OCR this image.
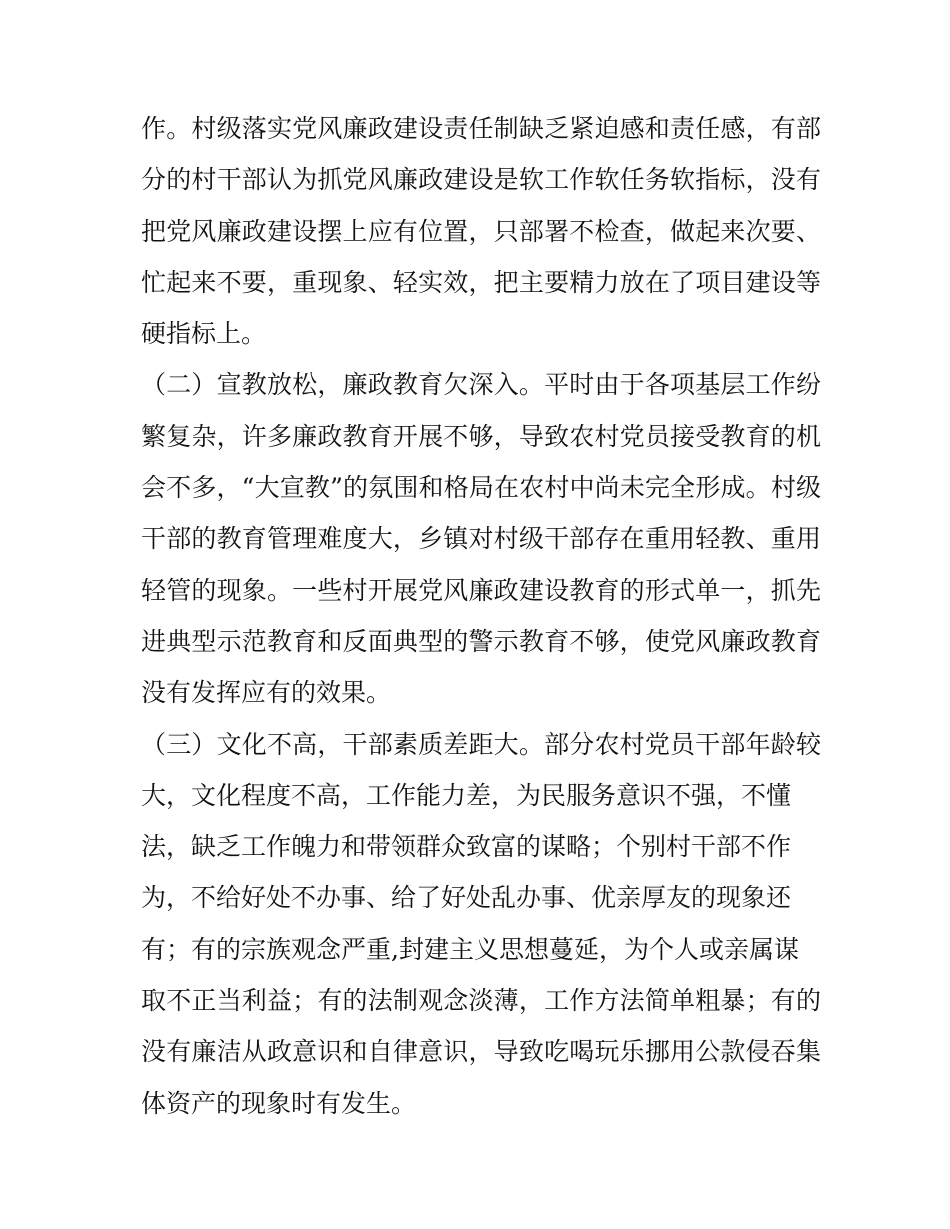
作。村级落实党风廉政建设责任制缺乏紧迫感和责任感，有部
分的村干部认为抓党风廉政建设是软工作软任务软指标，没有
把党风廉政建设摆上应有位置，只部署不检查，做起来次要、
忙起来不要，重现象、轻实效，把主要精力放在了项目建设等
硬指标上。
（二）宣教放松，廉政教育欠深入。平时由于各项基层工作纷
繁复杂，许多廉政教育开展不够，导致农村党员接受教育的机
会不多，“大宣教”的氛围和格局在农村中尚未完全形成。村级
干部的教育管理难度大，乡镇对村级干部存在重用轻教、重用
轻管的现象。一些村开展党风廉政建设教育的形式单一，抓先
进典型示范教育和反面典型的警示教育不够，使党风廉政教育
没有发挥应有的效果。
（三）文化不高，干部素质差距大。部分农村党员干部年龄较
大，文化程度不高，工作能力差，为民服务意识不强，不懂
法，缺乏工作魄力和带领群众致富的谋略；个别村干部不作
为，不给好处不办事、给了好处乱办事、优亲厚友的现象还
有；有的宗族观念严重,封建主义思想蔓延，为个人或亲属谋
取不正当利益；有的法制观念淡薄，工作方法简单粗暴；有的
没有廉洁从政意识和自律意识，导致吃喝玩乐挪用公款侵吞集
体资产的现象时有发生。
